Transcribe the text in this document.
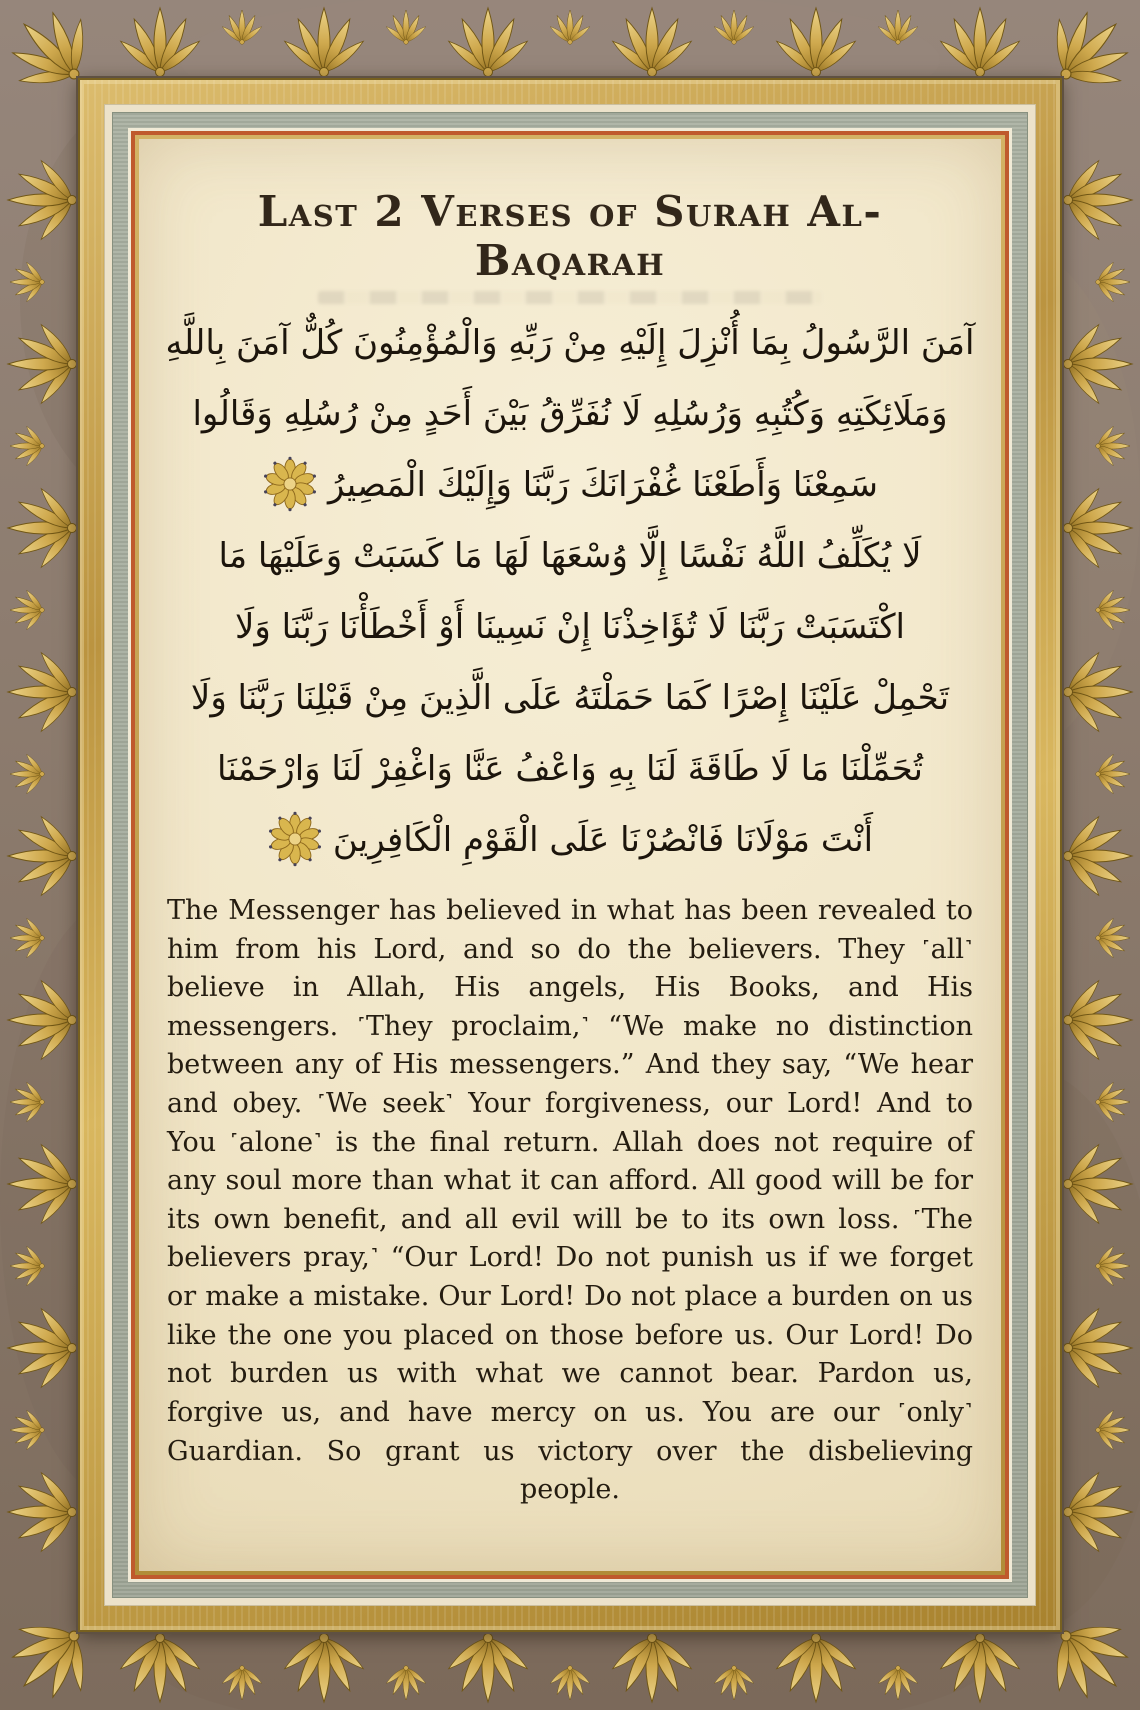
Last 2 Verses of Surah Al-Baqarah
آمَنَ الرَّسُولُ بِمَا أُنْزِلَ إِلَيْهِ مِنْ رَبِّهِ وَالْمُؤْمِنُونَ كُلٌّ آمَنَ بِاللَّهِ
وَمَلَائِكَتِهِ وَكُتُبِهِ وَرُسُلِهِ لَا نُفَرِّقُ بَيْنَ أَحَدٍ مِنْ رُسُلِهِ وَقَالُوا
سَمِعْنَا وَأَطَعْنَا غُفْرَانَكَ رَبَّنَا وَإِلَيْكَ الْمَصِيرُ
لَا يُكَلِّفُ اللَّهُ نَفْسًا إِلَّا وُسْعَهَا لَهَا مَا كَسَبَتْ وَعَلَيْهَا مَا
اكْتَسَبَتْ رَبَّنَا لَا تُؤَاخِذْنَا إِنْ نَسِينَا أَوْ أَخْطَأْنَا رَبَّنَا وَلَا
تَحْمِلْ عَلَيْنَا إِصْرًا كَمَا حَمَلْتَهُ عَلَى الَّذِينَ مِنْ قَبْلِنَا رَبَّنَا وَلَا
تُحَمِّلْنَا مَا لَا طَاقَةَ لَنَا بِهِ وَاعْفُ عَنَّا وَاغْفِرْ لَنَا وَارْحَمْنَا
أَنْتَ مَوْلَانَا فَانْصُرْنَا عَلَى الْقَوْمِ الْكَافِرِينَ

The Messenger has believed in what has been revealed to him from his Lord, and so do the believers. They ˹all˺ believe in Allah, His angels, His Books, and His messengers. ˹They proclaim,˺ “We make no distinction between any of His messengers.” And they say, “We hear and obey. ˹We seek˺ Your forgiveness, our Lord! And to You ˹alone˺ is the final return. Allah does not require of any soul more than what it can afford. All good will be for its own benefit, and all evil will be to its own loss. ˹The believers pray,˺ “Our Lord! Do not punish us if we forget or make a mistake. Our Lord! Do not place a burden on us like the one you placed on those before us. Our Lord! Do not burden us with what we cannot bear. Pardon us, forgive us, and have mercy on us. You are our ˹only˺ Guardian. So grant us victory over the disbelieving people.
